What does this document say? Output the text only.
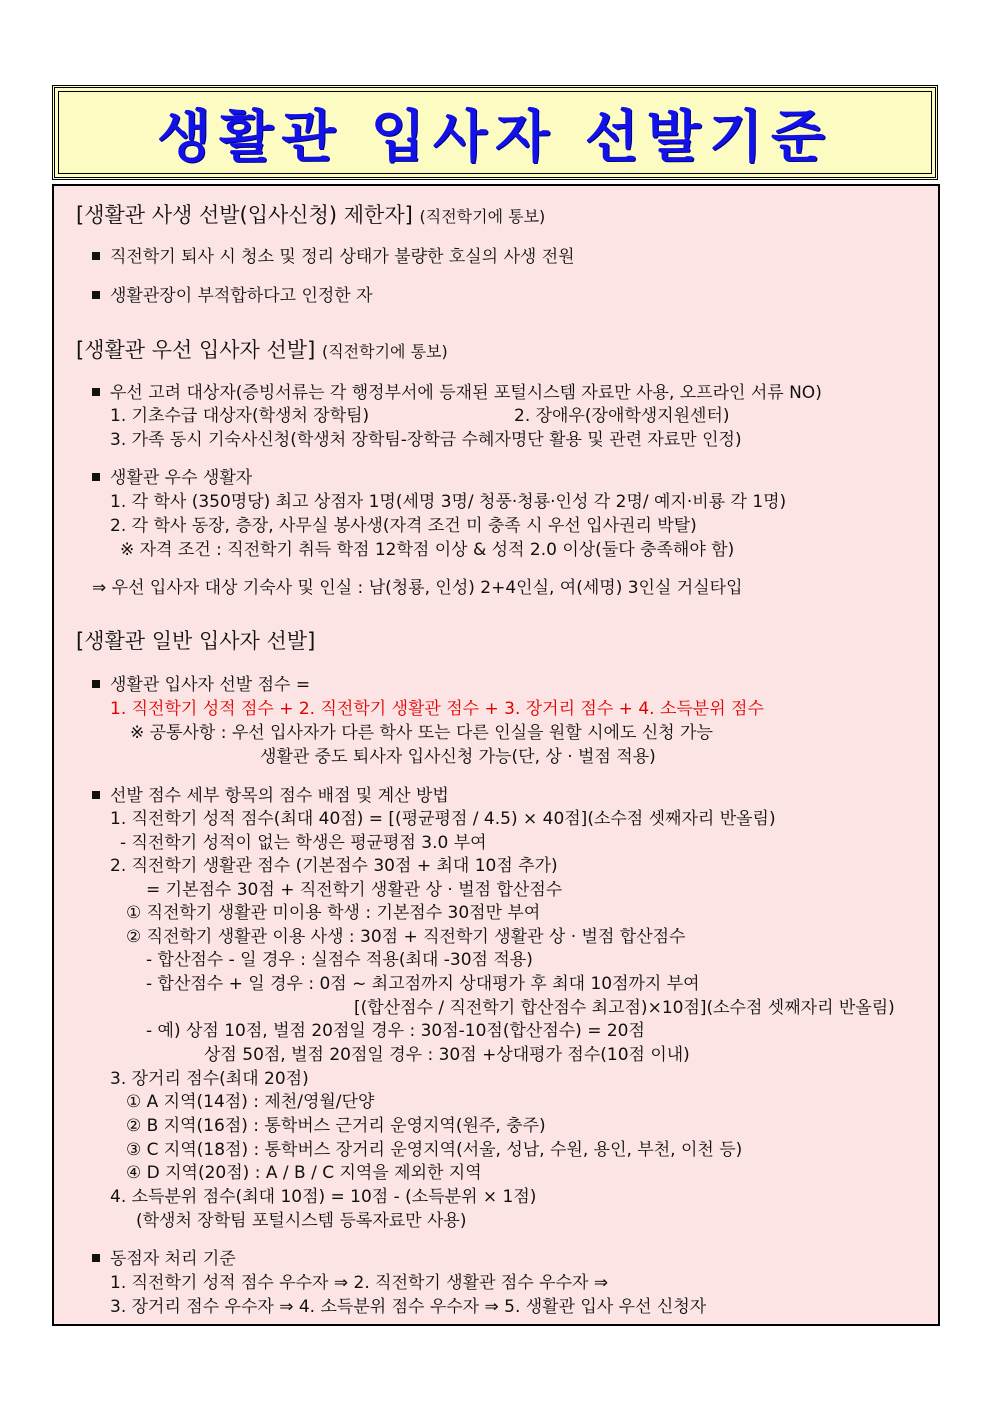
생활관 입사자 선발기준
[생활관 사생 선발(입사신청) 제한자] (직전학기에 통보)
직전학기 퇴사 시 청소 및 정리 상태가 불량한 호실의 사생 전원
생활관장이 부적합하다고 인정한 자
[생활관 우선 입사자 선발] (직전학기에 통보)
우선 고려 대상자(증빙서류는 각 행정부서에 등재된 포털시스템 자료만 사용, 오프라인 서류 NO)
1. 기초수급 대상자(학생처 장학팀)	2. 장애우(장애학생지원센터)
3. 가족 동시 기숙사신청(학생처 장학팀-장학금 수혜자명단 활용 및 관련 자료만 인정)
생활관 우수 생활자
1. 각 학사 (350명당) 최고 상점자 1명(세명 3명/ 청풍·청룡·인성 각 2명/ 예지·비룡 각 1명)
2. 각 학사 동장, 층장, 사무실 봉사생(자격 조건 미 충족 시 우선 입사권리 박탈)
※ 자격 조건 : 직전학기 취득 학점 12학점 이상 & 성적 2.0 이상(둘다 충족해야 함)
⇒ 우선 입사자 대상 기숙사 및 인실 : 남(청룡, 인성) 2+4인실, 여(세명) 3인실 거실타입
[생활관 일반 입사자 선발]
생활관 입사자 선발 점수 =
1. 직전학기 성적 점수 + 2. 직전학기 생활관 점수 + 3. 장거리 점수 + 4. 소득분위 점수
※ 공통사항 : 우선 입사자가 다른 학사 또는 다른 인실을 원할 시에도 신청 가능
생활관 중도 퇴사자 입사신청 가능(단, 상 · 벌점 적용)
선발 점수 세부 항목의 점수 배점 및 계산 방법
1. 직전학기 성적 점수(최대 40점) = [(평균평점 / 4.5) × 40점](소수점 셋째자리 반올림)
- 직전학기 성적이 없는 학생은 평균평점 3.0 부여
2. 직전학기 생활관 점수 (기본점수 30점 + 최대 10점 추가)
= 기본점수 30점 + 직전학기 생활관 상 · 벌점 합산점수
① 직전학기 생활관 미이용 학생 : 기본점수 30점만 부여
② 직전학기 생활관 이용 사생 : 30점 + 직전학기 생활관 상 · 벌점 합산점수
- 합산점수 - 일 경우 : 실점수 적용(최대 -30점 적용)
- 합산점수 + 일 경우 : 0점 ~ 최고점까지 상대평가 후 최대 10점까지 부여
[(합산점수 / 직전학기 합산점수 최고점)×10점](소수점 셋째자리 반올림)
- 예) 상점 10점, 벌점 20점일 경우 : 30점-10점(합산점수) = 20점
상점 50점, 벌점 20점일 경우 : 30점 +상대평가 점수(10점 이내)
3. 장거리 점수(최대 20점)
① A 지역(14점) : 제천/영월/단양
② B 지역(16점) : 통학버스 근거리 운영지역(원주, 충주)
③ C 지역(18점) : 통학버스 장거리 운영지역(서울, 성남, 수원, 용인, 부천, 이천 등)
④ D 지역(20점) : A / B / C 지역을 제외한 지역
4. 소득분위 점수(최대 10점) = 10점 - (소득분위 × 1점)
(학생처 장학팀 포털시스템 등록자료만 사용)
동점자 처리 기준
1. 직전학기 성적 점수 우수자 ⇒ 2. 직전학기 생활관 점수 우수자 ⇒
3. 장거리 점수 우수자 ⇒ 4. 소득분위 점수 우수자 ⇒ 5. 생활관 입사 우선 신청자
